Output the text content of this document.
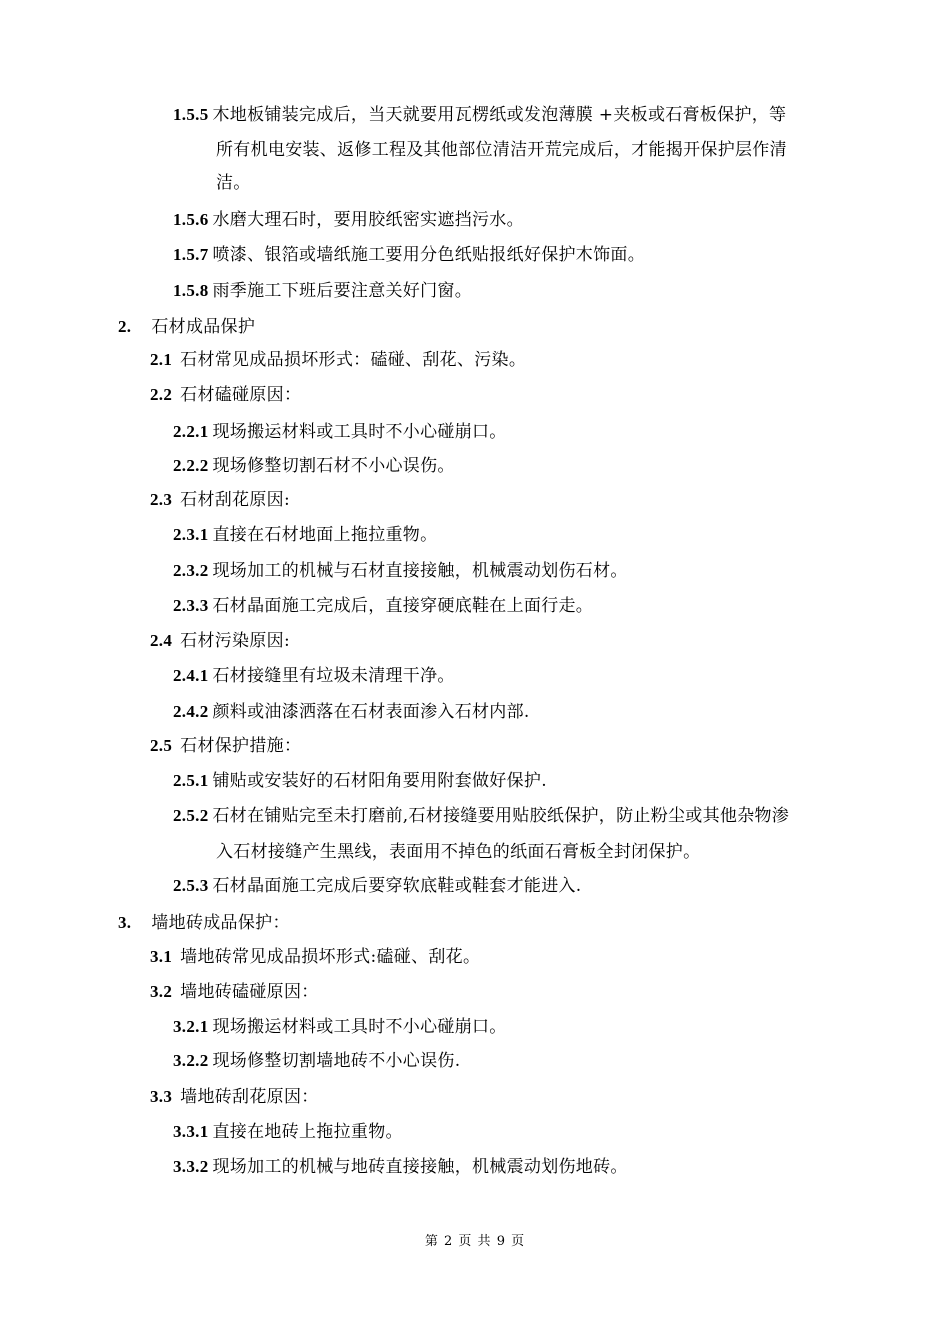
1.5.5 木地板铺装完成后，当天就要用瓦楞纸或发泡薄膜 +夹板或石膏板保护，等
所有机电安装、返修工程及其他部位清洁开荒完成后，才能揭开保护层作清
洁。
1.5.6 水磨大理石时，要用胶纸密实遮挡污水。
1.5.7 喷漆、银箔或墙纸施工要用分色纸贴报纸好保护木饰面。
1.5.8 雨季施工下班后要注意关好门窗。
2. 石材成品保护
2.1 石材常见成品损坏形式：磕碰、刮花、污染。
2.2 石材磕碰原因：
2.2.1 现场搬运材料或工具时不小心碰崩口。
2.2.2 现场修整切割石材不小心误伤。
2.3 石材刮花原因:
2.3.1 直接在石材地面上拖拉重物。
2.3.2 现场加工的机械与石材直接接触，机械震动划伤石材。
2.3.3 石材晶面施工完成后，直接穿硬底鞋在上面行走。
2.4 石材污染原因:
2.4.1 石材接缝里有垃圾未清理干净。
2.4.2 颜料或油漆洒落在石材表面渗入石材内部.
2.5 石材保护措施：
2.5.1 铺贴或安装好的石材阳角要用附套做好保护.
2.5.2 石材在铺贴完至未打磨前,石材接缝要用贴胶纸保护，防止粉尘或其他杂物渗
入石材接缝产生黑线，表面用不掉色的纸面石膏板全封闭保护。
2.5.3 石材晶面施工完成后要穿软底鞋或鞋套才能进入.
3. 墙地砖成品保护：
3.1 墙地砖常见成品损坏形式:磕碰、刮花。
3.2 墙地砖磕碰原因：
3.2.1 现场搬运材料或工具时不小心碰崩口。
3.2.2 现场修整切割墙地砖不小心误伤.
3.3 墙地砖刮花原因：
3.3.1 直接在地砖上拖拉重物。
3.3.2 现场加工的机械与地砖直接接触，机械震动划伤地砖。
第 2 页 共 9 页
